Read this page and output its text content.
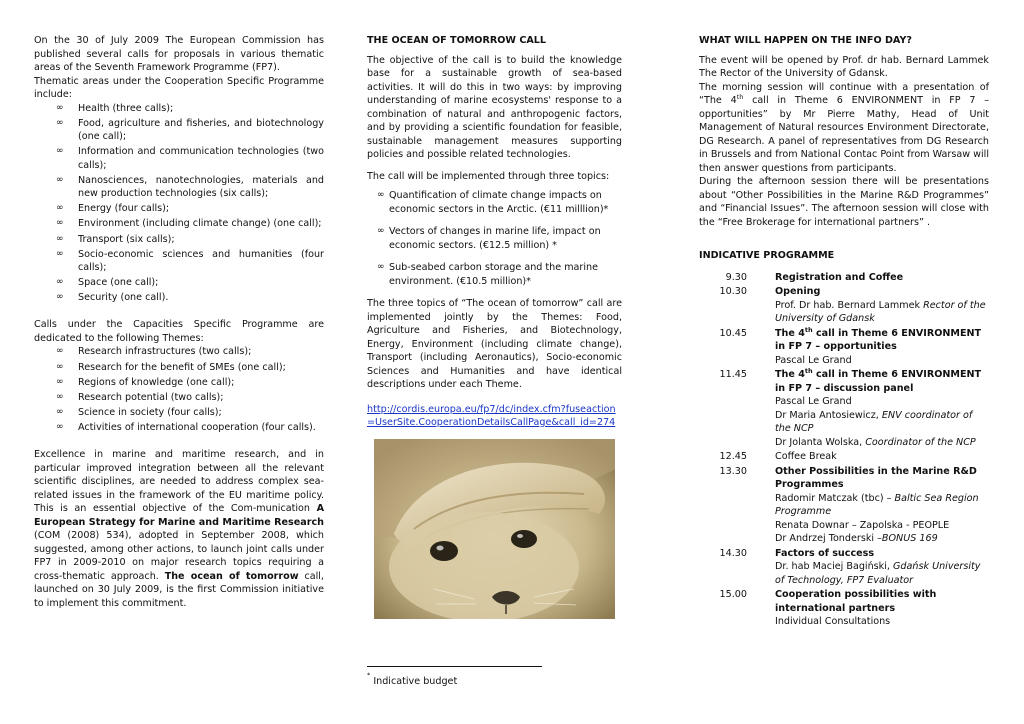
On the 30 of July 2009 The European Commission has published several calls for proposals in various thematic areas of the Seventh Framework Programme (FP7).

Thematic areas under the Cooperation Specific Programme include:

∞ Health (three calls);
∞ Food, agriculture and fisheries, and biotechnology (one call);
∞ Information and communication technologies (two calls);
∞ Nanosciences, nanotechnologies, materials and new production technologies (six calls);
∞ Energy (four calls);
∞ Environment (including climate change) (one call);
∞ Transport (six calls);
∞ Socio-economic sciences and humanities (four calls);
∞ Space (one call);
∞ Security (one call).

Calls under the Capacities Specific Programme are dedicated to the following Themes:

∞ Research infrastructures (two calls);
∞ Research for the benefit of SMEs (one call);
∞ Regions of knowledge (one call);
∞ Research potential (two calls);
∞ Science in society (four calls);
∞ Activities of international cooperation (four calls).

Excellence in marine and maritime research, and in particular improved integration between all the relevant scientific disciplines, are needed to address complex sea-related issues in the framework of the EU maritime policy. This is an essential objective of the Com-munication A European Strategy for Marine and Maritime Research (COM (2008) 534), adopted in September 2008, which suggested, among other actions, to launch joint calls under FP7 in 2009-2010 on major research topics requiring a cross-thematic approach. The ocean of tomorrow call, launched on 30 July 2009, is the first Commission initiative to implement this commitment.

THE OCEAN OF TOMORROW CALL

The objective of the call is to build the knowledge base for a sustainable growth of sea-based activities. It will do this in two ways: by improving understanding of marine ecosystems' response to a combination of natural and anthropogenic factors, and by providing a scientific foundation for feasible, sustainable management measures supporting policies and possible related technologies.

The call will be implemented through three topics:

∞ Quantification of climate change impacts on economic sectors in the Arctic. (€11 milllion)*
∞ Vectors of changes in marine life, impact on economic sectors. (€12.5 million) *
∞ Sub-seabed carbon storage and the marine environment. (€10.5 million)*

The three topics of “The ocean of tomorrow” call are implemented jointly by the Themes: Food, Agriculture and Fisheries, and Biotechnology, Energy, Environment (including climate change), Transport (including Aeronautics), Socio-economic Sciences and Humanities and have identical descriptions under each Theme.

http://cordis.europa.eu/fp7/dc/index.cfm?fuseaction=UserSite.CooperationDetailsCallPage&call_id=274

* Indicative budget

WHAT WILL HAPPEN ON THE INFO DAY?

The event will be opened by Prof. dr hab. Bernard Lammek The Rector of the University of Gdansk.

The morning session will continue with a presentation of “The 4th call in Theme 6 ENVIRONMENT in FP 7 – opportunities” by Mr Pierre Mathy, Head of Unit Management of Natural resources Environment Directorate, DG Research. A panel of representatives from DG Research in Brussels and from National Contac Point from Warsaw will then answer questions from participants.

During the afternoon session there will be presentations about “Other Possibilities in the Marine R&D Programmes” and “Financial Issues”. The afternoon session will close with the “Free Brokerage for international partners” .

INDICATIVE PROGRAMME

9.30	Registration and Coffee
10.30	Opening
Prof. Dr hab. Bernard Lammek Rector of the University of Gdansk
10.45	The 4th call in Theme 6 ENVIRONMENT in FP 7 – opportunities
Pascal Le Grand
11.45	The 4th call in Theme 6 ENVIRONMENT in FP 7 – discussion panel
Pascal Le Grand
Dr Maria Antosiewicz, ENV coordinator of the NCP
Dr Jolanta Wolska, Coordinator of the NCP
12.45	Coffee Break
13.30	Other Possibilities in the Marine R&D Programmes
Radomir Matczak (tbc) – Baltic Sea Region Programme
Renata Downar – Zapolska - PEOPLE
Dr Andrzej Tonderski –BONUS 169
14.30	Factors of success
Dr. hab Maciej Bagiński, Gdańsk University of Technology, FP7 Evaluator
15.00	Cooperation possibilities with international partners
Individual Consultations
